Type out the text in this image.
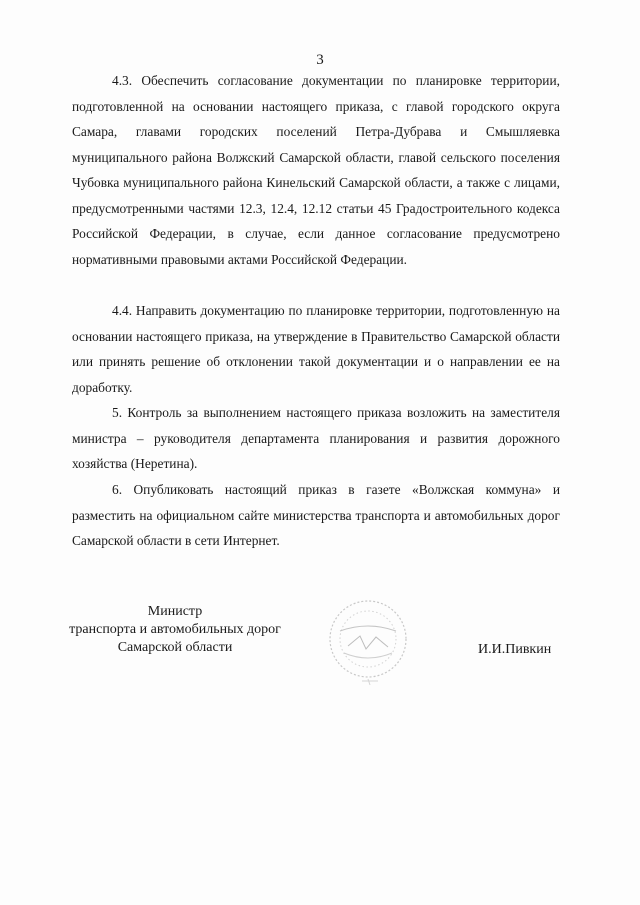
3

4.3. Обеспечить согласование документации по планировке территории, подготовленной на основании настоящего приказа, с главой городского округа Самара, главами городских поселений Петра-Дубрава и Смышляевка муниципального района Волжский Самарской области, главой сельского поселения Чубовка муниципального района Кинельский Самарской области, а также с лицами, предусмотренными частями 12.3, 12.4, 12.12 статьи 45 Градостроительного кодекса Российской Федерации, в случае, если данное согласование предусмотрено нормативными правовыми актами Российской Федерации.

4.4. Направить документацию по планировке территории, подготовленную на основании настоящего приказа, на утверждение в Правительство Самарской области или принять решение об отклонении такой документации и о направлении ее на доработку.

5. Контроль за выполнением настоящего приказа возложить на заместителя министра – руководителя департамента планирования и развития дорожного хозяйства (Неретина).

6. Опубликовать настоящий приказ в газете «Волжская коммуна» и разместить на официальном сайте министерства транспорта и автомобильных дорог Самарской области в сети Интернет.

Министр
транспорта и автомобильных дорог
Самарской области	И.И.Пивкин
